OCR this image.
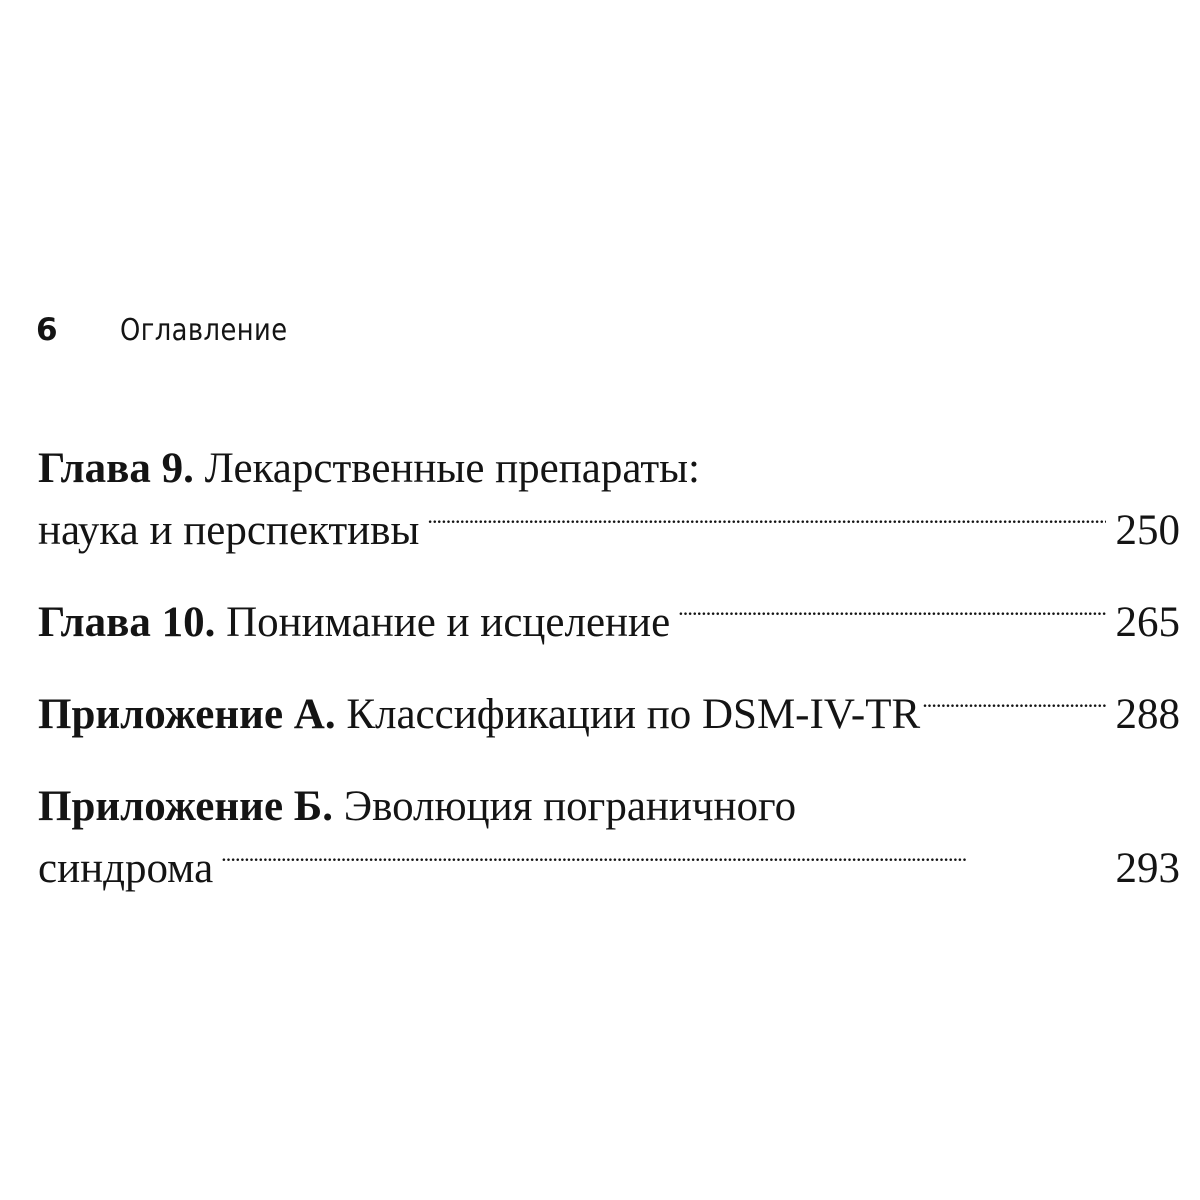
6	Оглавление
Глава 9.
Лекарственные препараты:
наука и перспективы . . .	250
Глава 10.
Понимание и исцеление . . .	265
Приложение А.
Классификации по DSM-IV-TR . . .	288
Приложение Б.
Эволюция пограничного
синдрома . . .	293
